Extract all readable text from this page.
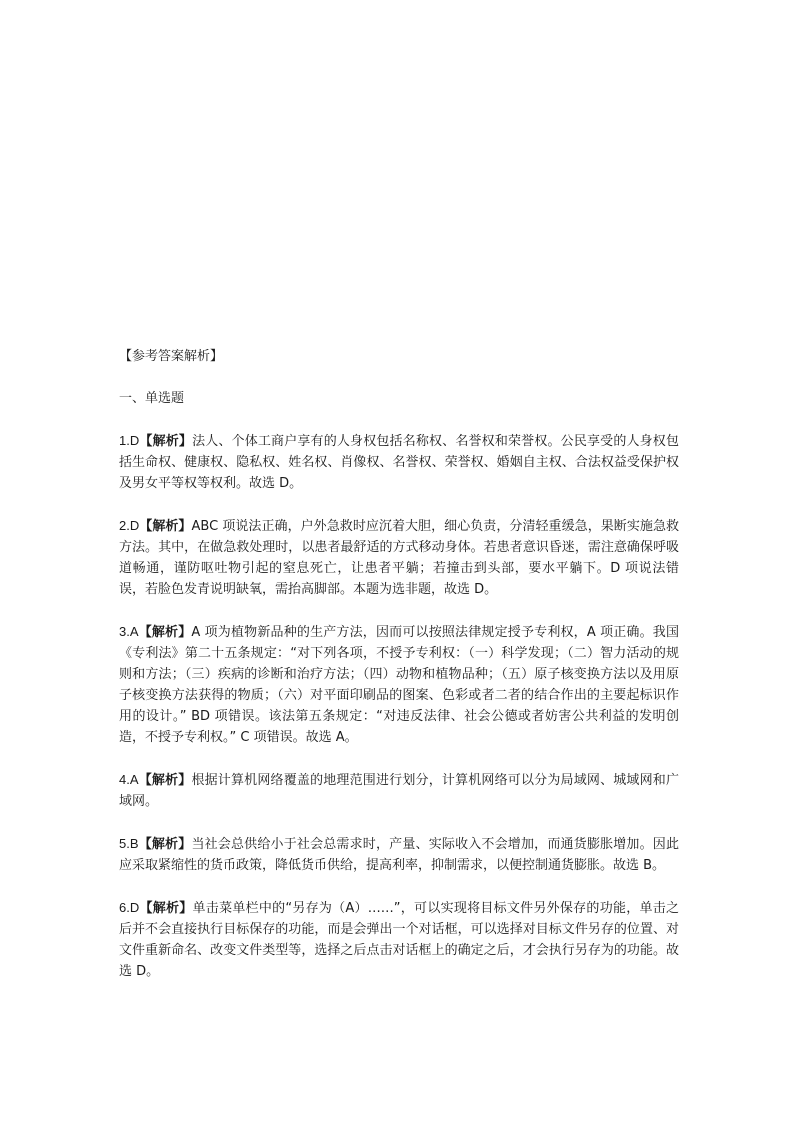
【参考答案解析】

一、单选题

1.D【解析】法人、个体工商户享有的人身权包括名称权、名誉权和荣誉权。公民享受的人身权包括生命权、健康权、隐私权、姓名权、肖像权、名誉权、荣誉权、婚姻自主权、合法权益受保护权及男女平等权等权利。故选 D。

2.D【解析】ABC 项说法正确，户外急救时应沉着大胆，细心负责，分清轻重缓急，果断实施急救方法。其中，在做急救处理时，以患者最舒适的方式移动身体。若患者意识昏迷，需注意确保呼吸道畅通，谨防呕吐物引起的窒息死亡，让患者平躺；若撞击到头部，要水平躺下。D 项说法错误，若脸色发青说明缺氧，需抬高脚部。本题为选非题，故选 D。

3.A【解析】A 项为植物新品种的生产方法，因而可以按照法律规定授予专利权，A 项正确。我国《专利法》第二十五条规定：“对下列各项，不授予专利权：（一）科学发现；（二）智力活动的规则和方法；（三）疾病的诊断和治疗方法；（四）动物和植物品种；（五）原子核变换方法以及用原子核变换方法获得的物质；（六）对平面印刷品的图案、色彩或者二者的结合作出的主要起标识作用的设计。” BD 项错误。该法第五条规定：“对违反法律、社会公德或者妨害公共利益的发明创造，不授予专利权。” C 项错误。故选 A。

4.A【解析】根据计算机网络覆盖的地理范围进行划分，计算机网络可以分为局域网、城域网和广域网。

5.B【解析】当社会总供给小于社会总需求时，产量、实际收入不会增加，而通货膨胀增加。因此应采取紧缩性的货币政策，降低货币供给，提高利率，抑制需求，以便控制通货膨胀。故选 B。

6.D【解析】单击菜单栏中的“另存为（A）……”，可以实现将目标文件另外保存的功能，单击之后并不会直接执行目标保存的功能，而是会弹出一个对话框，可以选择对目标文件另存的位置、对文件重新命名、改变文件类型等，选择之后点击对话框上的确定之后，才会执行另存为的功能。故选 D。
